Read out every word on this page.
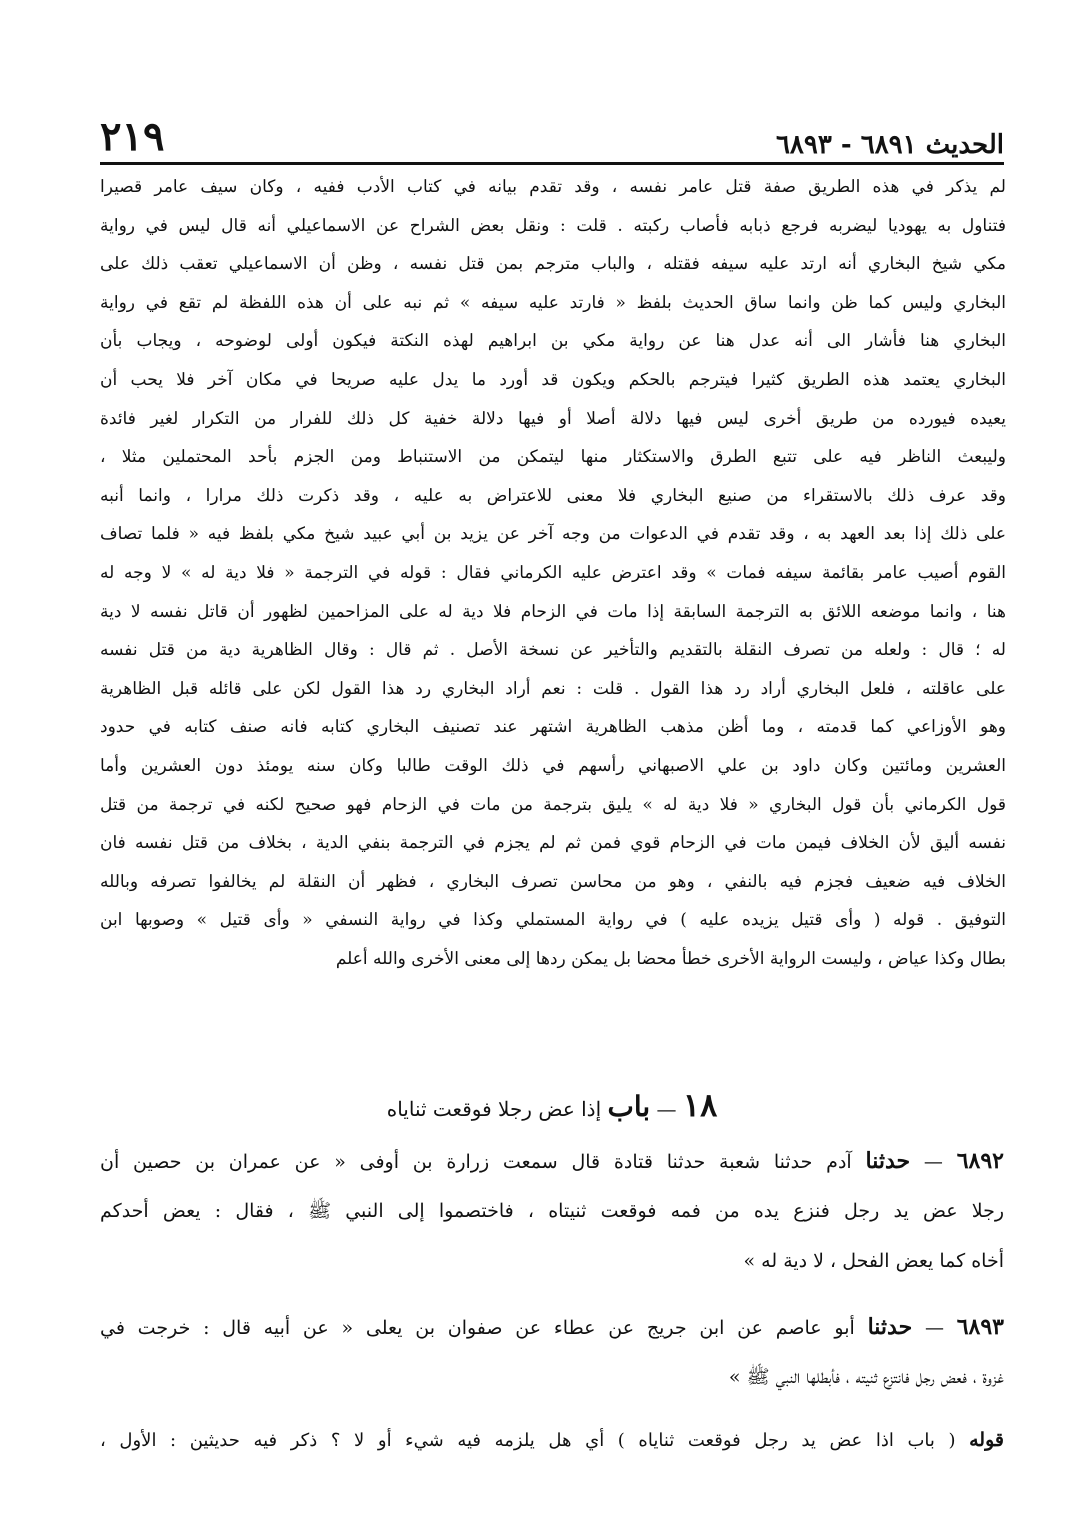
الحديث ٦٨٩١ - ٦٨٩٣
٢١٩
لم يذكر في هذه الطريق صفة قتل عامر نفسه ، وقد تقدم بيانه في كتاب الأدب ففيه ، وكان سيف عامر قصيرا
فتناول به يهوديا ليضربه فرجع ذبابه فأصاب ركبته . قلت : ونقل بعض الشراح عن الاسماعيلي أنه قال ليس في رواية
مكي شيخ البخاري أنه ارتد عليه سيفه فقتله ، والباب مترجم بمن قتل نفسه ، وظن أن الاسماعيلي تعقب ذلك على
البخاري وليس كما ظن وانما ساق الحديث بلفظ « فارتد عليه سيفه » ثم نبه على أن هذه اللفظة لم تقع في رواية
البخاري هنا فأشار الى أنه عدل هنا عن رواية مكي بن ابراهيم لهذه النكتة فيكون أولى لوضوحه ، ويجاب بأن
البخاري يعتمد هذه الطريق كثيرا فيترجم بالحكم ويكون قد أورد ما يدل عليه صريحا في مكان آخر فلا يحب أن
يعيده فيورده من طريق أخرى ليس فيها دلالة أصلا أو فيها دلالة خفية كل ذلك للفرار من التكرار لغير فائدة
وليبعث الناظر فيه على تتبع الطرق والاستكثار منها ليتمكن من الاستنباط ومن الجزم بأحد المحتملين مثلا ،
وقد عرف ذلك بالاستقراء من صنيع البخاري فلا معنى للاعتراض به عليه ، وقد ذكرت ذلك مرارا ، وانما أنبه
على ذلك إذا بعد العهد به ، وقد تقدم في الدعوات من وجه آخر عن يزيد بن أبي عبيد شيخ مكي بلفظ فيه « فلما تصاف
القوم أصيب عامر بقائمة سيفه فمات » وقد اعترض عليه الكرماني فقال : قوله في الترجمة « فلا دية له » لا وجه له
هنا ، وانما موضعه اللائق به الترجمة السابقة إذا مات في الزحام فلا دية له على المزاحمين لظهور أن قاتل نفسه لا دية
له ؛ قال : ولعله من تصرف النقلة بالتقديم والتأخير عن نسخة الأصل . ثم قال : وقال الظاهرية دية من قتل نفسه
على عاقلته ، فلعل البخاري أراد رد هذا القول . قلت : نعم أراد البخاري رد هذا القول لكن على قائله قبل الظاهرية
وهو الأوزاعي كما قدمته ، وما أظن مذهب الظاهرية اشتهر عند تصنيف البخاري كتابه فانه صنف كتابه في حدود
العشرين ومائتين وكان داود بن علي الاصبهاني رأسهم في ذلك الوقت طالبا وكان سنه يومئذ دون العشرين وأما
قول الكرماني بأن قول البخاري « فلا دية له » يليق بترجمة من مات في الزحام فهو صحيح لكنه في ترجمة من قتل
نفسه أليق لأن الخلاف فيمن مات في الزحام قوي فمن ثم لم يجزم في الترجمة بنفي الدية ، بخلاف من قتل نفسه فان
الخلاف فيه ضعيف فجزم فيه بالنفي ، وهو من محاسن تصرف البخاري ، فظهر أن النقلة لم يخالفوا تصرفه وبالله
التوفيق . قوله ( وأى قتيل يزيده عليه ) في رواية المستملي وكذا في رواية النسفي « وأى قتيل » وصوبها ابن
بطال وكذا عياض ، وليست الرواية الأخرى خطأ محضا بل يمكن ردها إلى معنى الأخرى والله أعلم
١٨ — باب إذا عض رجلا فوقعت ثناياه
٦٨٩٢ — حدثنا آدم حدثنا شعبة حدثنا قتادة قال سمعت زرارة بن أوفى « عن عمران بن حصين أن
رجلا عض يد رجل فنزع يده من فمه فوقعت ثنيتاه ، فاختصموا إلى النبي ﷺ ، فقال : يعض أحدكم
أخاه كما يعض الفحل ، لا دية له »
٦٨٩٣ — حدثنا أبو عاصم عن ابن جريج عن عطاء عن صفوان بن يعلى « عن أبيه قال : خرجت في
غزوة ، فعض رجل فانتزع ثنيته ، فأبطلها النبي ﷺ »
قوله ( باب اذا عض يد رجل فوقعت ثناياه ) أي هل يلزمه فيه شيء أو لا ؟ ذكر فيه حديثين : الأول ،
